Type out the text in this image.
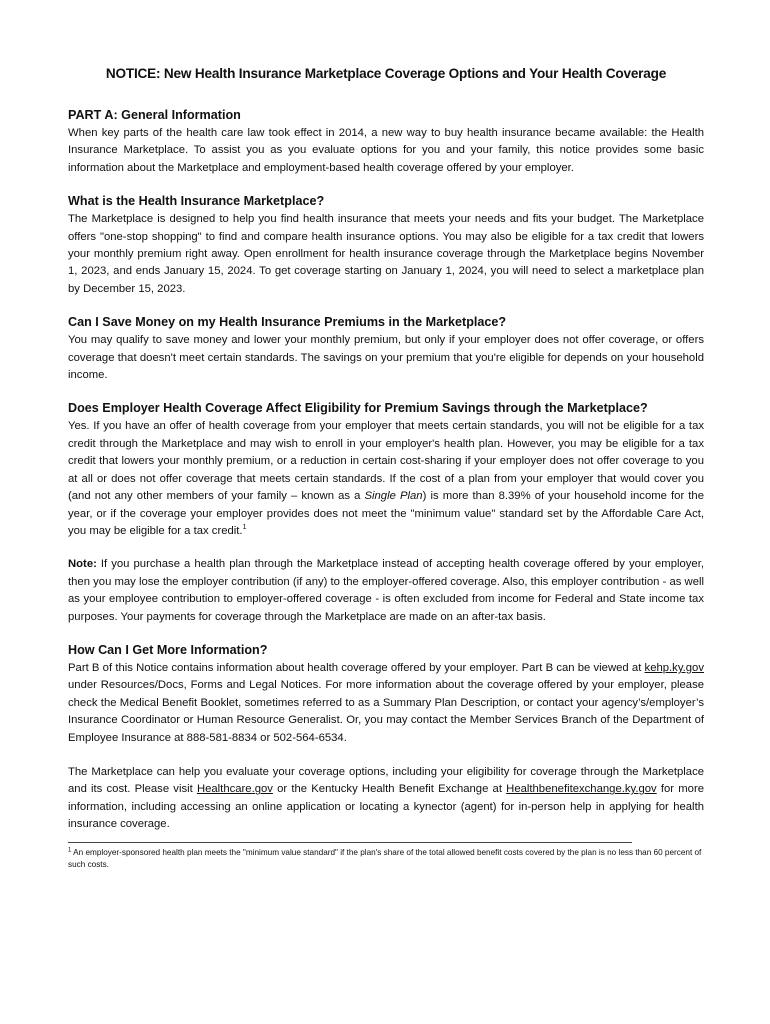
NOTICE: New Health Insurance Marketplace Coverage Options and Your Health Coverage
PART A: General Information

When key parts of the health care law took effect in 2014, a new way to buy health insurance became available: the Health Insurance Marketplace. To assist you as you evaluate options for you and your family, this notice provides some basic information about the Marketplace and employment-based health coverage offered by your employer.

What is the Health Insurance Marketplace?

The Marketplace is designed to help you find health insurance that meets your needs and fits your budget. The Marketplace offers "one-stop shopping" to find and compare health insurance options. You may also be eligible for a tax credit that lowers your monthly premium right away. Open enrollment for health insurance coverage through the Marketplace begins November 1, 2023, and ends January 15, 2024. To get coverage starting on January 1, 2024, you will need to select a marketplace plan by December 15, 2023.

Can I Save Money on my Health Insurance Premiums in the Marketplace?

You may qualify to save money and lower your monthly premium, but only if your employer does not offer coverage, or offers coverage that doesn't meet certain standards. The savings on your premium that you're eligible for depends on your household income.

Does Employer Health Coverage Affect Eligibility for Premium Savings through the Marketplace?

Yes. If you have an offer of health coverage from your employer that meets certain standards, you will not be eligible for a tax credit through the Marketplace and may wish to enroll in your employer's health plan. However, you may be eligible for a tax credit that lowers your monthly premium, or a reduction in certain cost-sharing if your employer does not offer coverage to you at all or does not offer coverage that meets certain standards. If the cost of a plan from your employer that would cover you (and not any other members of your family – known as a Single Plan) is more than 8.39% of your household income for the year, or if the coverage your employer provides does not meet the "minimum value" standard set by the Affordable Care Act, you may be eligible for a tax credit.$^1$

Note: If you purchase a health plan through the Marketplace instead of accepting health coverage offered by your employer, then you may lose the employer contribution (if any) to the employer-offered coverage. Also, this employer contribution - as well as your employee contribution to employer-offered coverage - is often excluded from income for Federal and State income tax purposes. Your payments for coverage through the Marketplace are made on an after-tax basis.

How Can I Get More Information?

Part B of this Notice contains information about health coverage offered by your employer. Part B can be viewed at kehp.ky.gov under Resources/Docs, Forms and Legal Notices. For more information about the coverage offered by your employer, please check the Medical Benefit Booklet, sometimes referred to as a Summary Plan Description, or contact your agency’s/employer’s Insurance Coordinator or Human Resource Generalist. Or, you may contact the Member Services Branch of the Department of Employee Insurance at 888-581-8834 or 502-564-6534.

The Marketplace can help you evaluate your coverage options, including your eligibility for coverage through the Marketplace and its cost. Please visit Healthcare.gov or the Kentucky Health Benefit Exchange at Healthbenefitexchange.ky.gov for more information, including accessing an online application or locating a kynector (agent) for in-person help in applying for health insurance coverage.

$^1$ An employer-sponsored health plan meets the "minimum value standard" if the plan's share of the total allowed benefit costs covered by the plan is no less than 60 percent of such costs.
